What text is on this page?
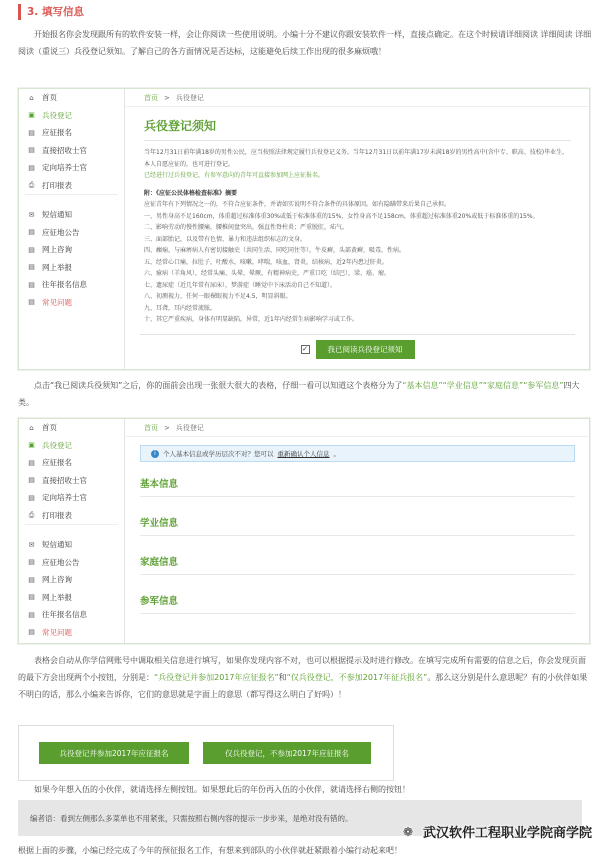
3. 填写信息
开始报名你会发现跟所有的软件安装一样，会让你阅读一些使用说明。小编十分不建议你跟安装软件一样，直接点确定。在这个时候请详细阅读 详细阅读 详细阅读（重说三）兵役登记须知。了解自己的各方面情况是否达标，这能避免后续工作出现的很多麻烦哦！
⌂	首页
▣ 兵役登记
▤ 应征报名
▤ 直接招收士官
▤ 定向培养士官
⎙ 打印报表
✉ 短信通知
▤ 应征地公告
▤ 网上咨询
▤ 网上举报
▤ 往年报名信息
▤ 常见问题
首页 > 兵役登记
兵役登记须知
当年12月31日前年满18岁的男性公民，应当按照法律规定履行兵役登记义务。当年12月31日以前年满17岁未满18岁的男性高中(含中专、职高、技校)毕业生，本人自愿应征的，也可进行登记。
已经进行过兵役登记，有参军意向的青年可直接参加网上应征报名。
附：《应征公民体格检查标准》摘要
应征青年有下列情况之一的，不符合应征条件，并请如实说明不符合条件的具体原因。如有隐瞒带来后果自己承担。
一、男性身高不足160cm，体重超过标准体重30%或低于标准体重的15%，女性身高不足158cm，体重超过标准体重20%或低于标准体重的15%。
二、影响劳动的慢性腰痛，腰椎间盘突出，强直性脊柱炎；严重脱肛，疝气。
三、面部胎记，以及带有色情、暴力和违法组织标志的文身。
四、癫痫，与麻痹病人有密切接触史（共同生活、同吃同住等），牛皮癣，头部黄癣，吸毒，性病。
五、经常心口痛，拉肚子，吐酸水，咳嗽，哮喘，咳血，肾炎，结核病，近2年内患过肝炎。
六、癔病（羊角风），经常头痛、头晕，晕厥，有精神病史，严重口吃（结巴），梁、癌、瘤。
七、遗尿症（近几年常有尿床），梦游症（睡觉中下床活动自己不知道）。
八、初测视力，任何一眼裸眼视力不足4.5，明显斜眼。
九、耳聋，耳内经常流脓。
十、其它严重疾病，身体有明显缺陷，异常，近1年内经常生病影响学习或工作。
✓	我已阅读兵役登记须知
点击“我已阅读兵役须知”之后，你的面前会出现一张很大很大的表格，仔细一看可以知道这个表格分为了“基本信息”“学业信息”“家庭信息”“参军信息”四大类。
⌂	首页
▣ 兵役登记
▤ 应征报名
▤ 直接招收士官
▤ 定向培养士官
⎙ 打印报表
✉ 短信通知
▤ 应征地公告
▤ 网上咨询
▤ 网上举报
▤ 往年报名信息
▤ 常见问题
首页 > 兵役登记
i	个人基本信息或学历层次不对？您可以 重新确认个人信息 。
基本信息
学业信息
家庭信息
参军信息
表格会自动从你学信网账号中调取相关信息进行填写，如果你发现内容不对，也可以根据提示及时进行修改。在填写完成所有需要的信息之后，你会发现页面的最下方会出现两个小按钮，分别是：“兵役登记并参加2017年应征报名”和“仅兵役登记，不参加2017年征兵报名”。那么这分别是什么意思呢？有的小伙伴如果不明白的话，那么小编来告诉你，它们的意思就是字面上的意思（都写得这么明白了好吗）！
兵役登记并参加2017年应征报名	仅兵役登记，不参加2017年应征报名
如果今年想入伍的小伙伴，就请选择左侧按钮。如果想此后的年份再入伍的小伙伴，就请选择右侧的按钮！
编者语：看到左侧那么多菜单也不用紧张，只需按照右侧内容的提示一步步来，是绝对没有错的。
根据上面的步骤，小编已经完成了今年的预征报名工作，有想来到部队的小伙伴就赶紧跟着小编行动起来吧！
❁ 武汉软件工程职业学院商学院
